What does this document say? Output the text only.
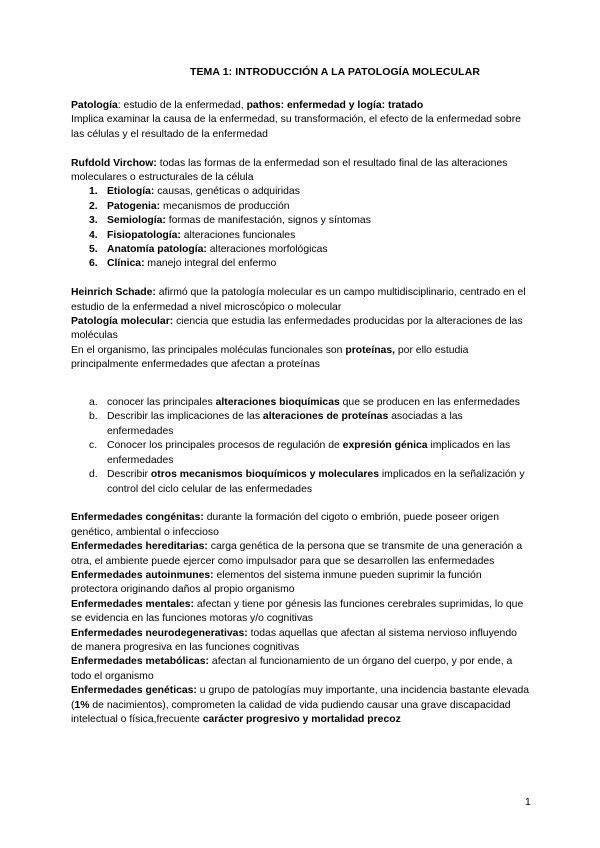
TEMA 1: INTRODUCCIÓN A LA PATOLOGÍA MOLECULAR

Patología: estudio de la enfermedad, pathos: enfermedad y logía: tratado

Implica examinar la causa de la enfermedad, su transformación, el efecto de la enfermedad sobre las células y el resultado de la enfermedad

Rufdold Virchow: todas las formas de la enfermedad son el resultado final de las alteraciones moleculares o estructurales de la célula

1. Etiología: causas, genéticas o adquiridas
2. Patogenia: mecanismos de producción
3. Semiología: formas de manifestación, signos y síntomas
4. Fisiopatología: alteraciones funcionales
5. Anatomía patología: alteraciones morfológicas
6. Clínica: manejo integral del enfermo

Heinrich Schade: afirmó que la patología molecular es un campo multidisciplinario, centrado en el estudio de la enfermedad a nivel microscópico o molecular

Patología molecular: ciencia que estudia las enfermedades producidas por la alteraciones de las moléculas

En el organismo, las principales moléculas funcionales son proteínas, por ello estudia principalmente enfermedades que afectan a proteínas

a. conocer las principales alteraciones bioquímicas que se producen en las enfermedades
b. Describir las implicaciones de las alteraciones de proteínas asociadas a las enfermedades
c. Conocer los principales procesos de regulación de expresión génica implicados en las enfermedades
d. Describir otros mecanismos bioquímicos y moleculares implicados en la señalización y control del ciclo celular de las enfermedades

Enfermedades congénitas: durante la formación del cigoto o embrión, puede poseer origen genético, ambiental o infeccioso

Enfermedades hereditarias: carga genética de la persona que se transmite de una generación a otra, el ambiente puede ejercer como impulsador para que se desarrollen las enfermedades

Enfermedades autoinmunes: elementos del sistema inmune pueden suprimir la función protectora originando daños al propio organismo

Enfermedades mentales: afectan y tiene por génesis las funciones cerebrales suprimidas, lo que se evidencia en las funciones motoras y/o cognitivas

Enfermedades neurodegenerativas: todas aquellas que afectan al sistema nervioso influyendo de manera progresiva en las funciones cognitivas

Enfermedades metabólicas: afectan al funcionamiento de un órgano del cuerpo, y por ende, a todo el organismo

Enfermedades genéticas: u grupo de patologías muy importante, una incidencia bastante elevada (1% de nacimientos), comprometen la calidad de vida pudiendo causar una grave discapacidad intelectual o física,frecuente carácter progresivo y mortalidad precoz

1
